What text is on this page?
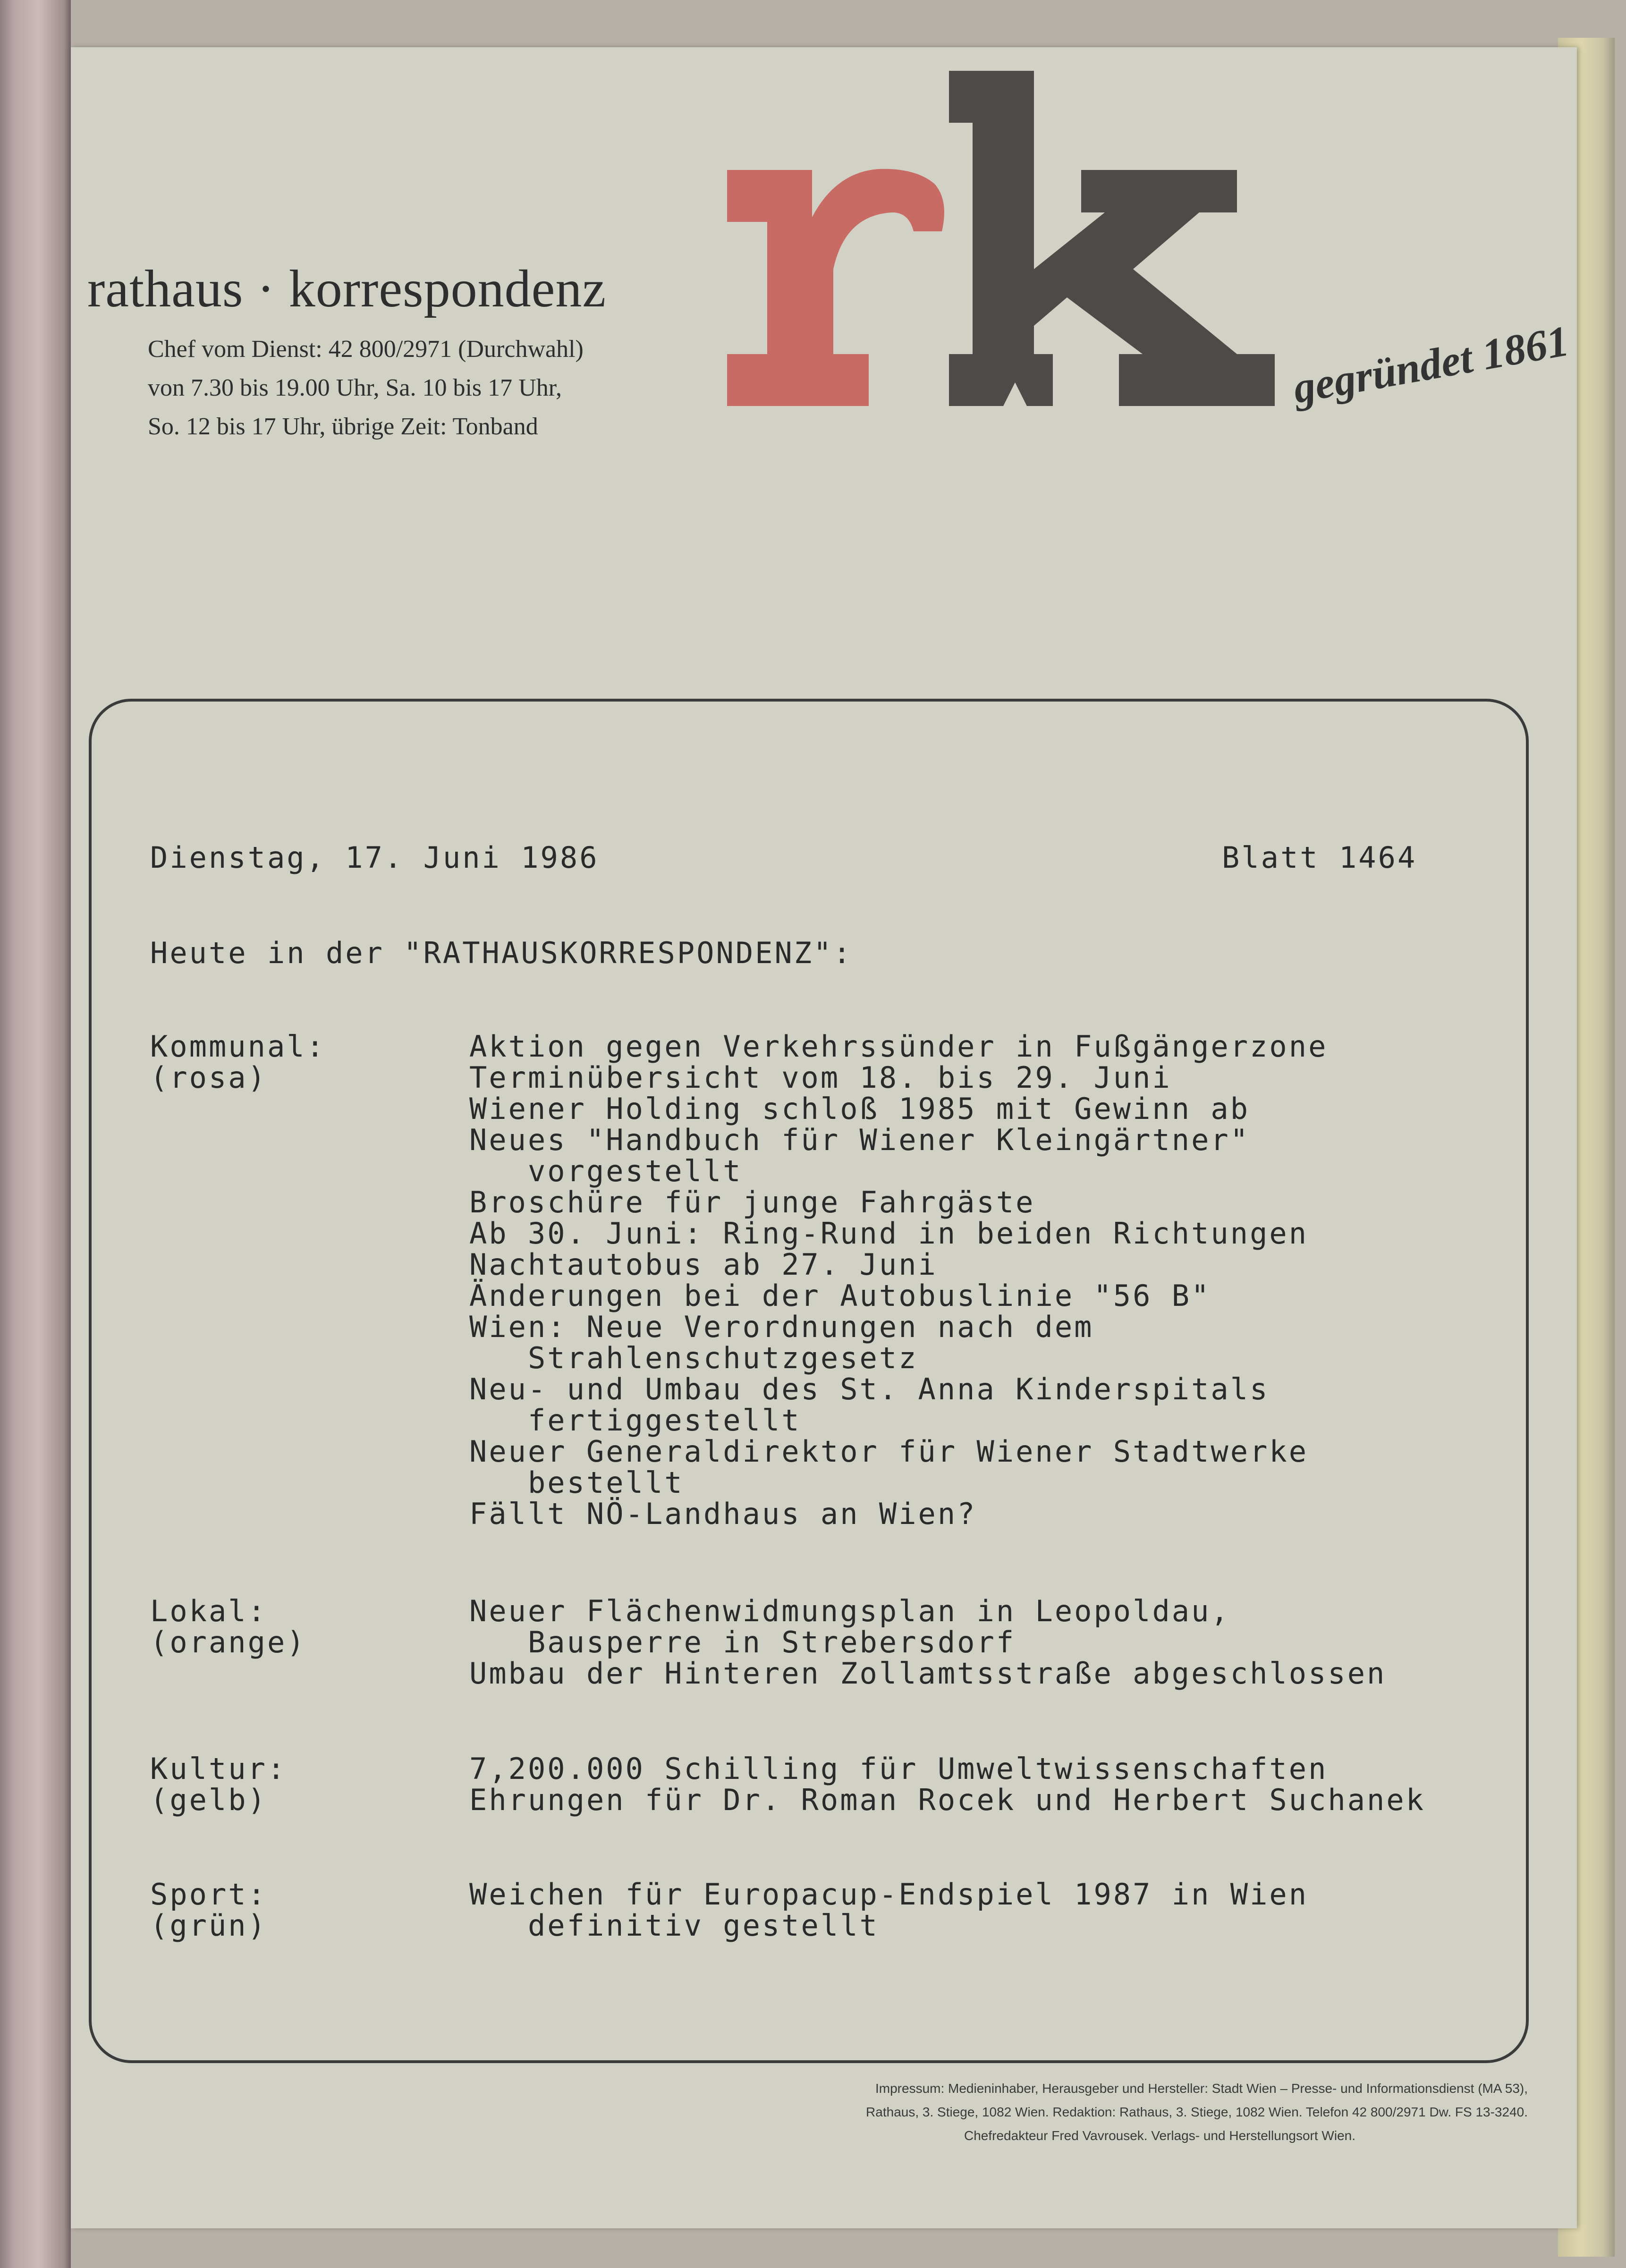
rathaus · korrespondenz
Chef vom Dienst: 42 800/2971 (Durchwahl)
von 7.30 bis 19.00 Uhr, Sa. 10 bis 17 Uhr,
So. 12 bis 17 Uhr, übrige Zeit: Tonband
gegründet 1861
Dienstag, 17. Juni 1986	Blatt 1464
Heute in der "RATHAUSKORRESPONDENZ":
Kommunal:
(rosa)
Aktion gegen Verkehrssünder in Fußgängerzone
Terminübersicht vom 18. bis 29. Juni
Wiener Holding schloß 1985 mit Gewinn ab
Neues "Handbuch für Wiener Kleingärtner"
vorgestellt
Broschüre für junge Fahrgäste
Ab 30. Juni: Ring-Rund in beiden Richtungen
Nachtautobus ab 27. Juni
Änderungen bei der Autobuslinie "56 B"
Wien: Neue Verordnungen nach dem
Strahlenschutzgesetz
Neu- und Umbau des St. Anna Kinderspitals
fertiggestellt
Neuer Generaldirektor für Wiener Stadtwerke
bestellt
Fällt NÖ-Landhaus an Wien?
Lokal:
(orange)
Neuer Flächenwidmungsplan in Leopoldau,
Bausperre in Strebersdorf
Umbau der Hinteren Zollamtsstraße abgeschlossen
Kultur:
(gelb)
7,200.000 Schilling für Umweltwissenschaften
Ehrungen für Dr. Roman Rocek und Herbert Suchanek
Sport:
(grün)
Weichen für Europacup-Endspiel 1987 in Wien
definitiv gestellt
Impressum: Medieninhaber, Herausgeber und Hersteller: Stadt Wien – Presse- und Informationsdienst (MA 53),
Rathaus, 3. Stiege, 1082 Wien. Redaktion: Rathaus, 3. Stiege, 1082 Wien. Telefon 42 800/2971 Dw. FS 13-3240.
Chefredakteur Fred Vavrousek. Verlags- und Herstellungsort Wien.
